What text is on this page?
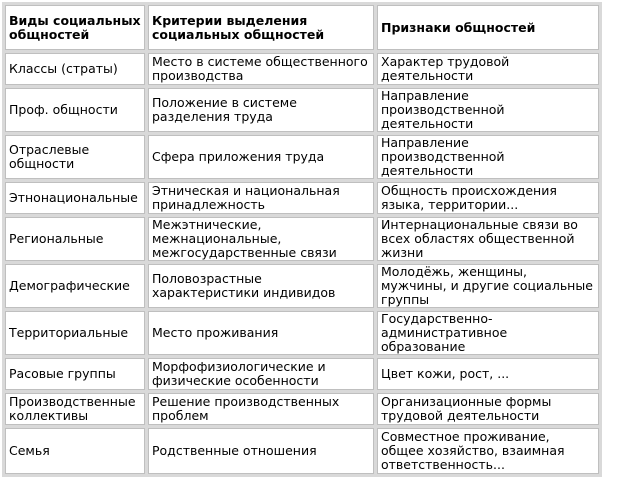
Виды социальных общностей	Критерии выделения социальных общностей	Признаки общностей
Классы (страты)	Место в системе общественного производства	Характер трудовой деятельности
Проф. общности	Положение в системе разделения труда	Направление производственной деятельности
Отраслевые общности	Сфера приложения труда	Направление производственной деятельности
Этнонациональные	Этническая и национальная принадлежность	Общность происхождения языка, территории...
Региональные	Межэтнические, межнациональные, межгосударственные связи	Интернациональные связи во всех областях общественной жизни
Демографические	Половозрастные характеристики индивидов	Молодёжь, женщины, мужчины, и другие социальные группы
Территориальные	Место проживания	Государственно-административное образование
Расовые группы	Морфофизиологические и физические особенности	Цвет кожи, рост, ...
Производственные коллективы	Решение производственных проблем	Организационные формы трудовой деятельности
Семья	Родственные отношения	Совместное проживание, общее хозяйство, взаимная ответственность...
